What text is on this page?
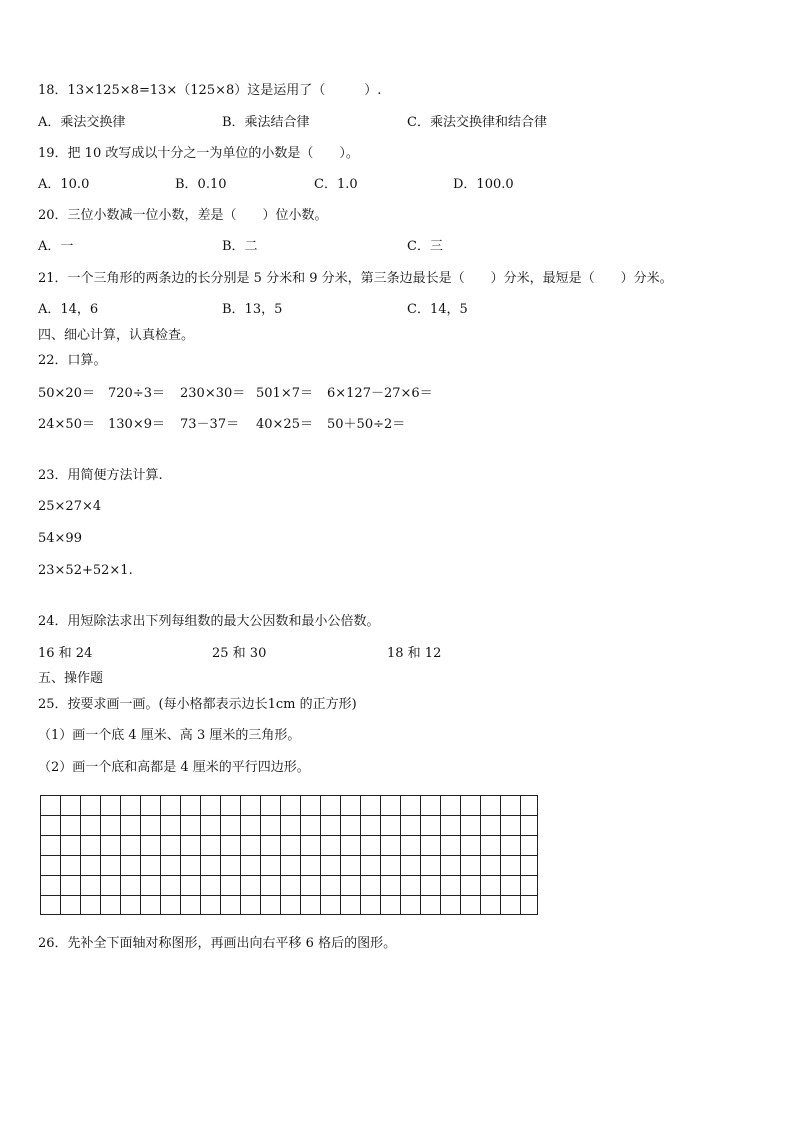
18．13×125×8=13×（125×8）这是运用了（　　　）.
A．乘法交换律	B．乘法结合律	C．乘法交换律和结合律
19．把 10 改写成以十分之一为单位的小数是（　　）。
A．10.0	B．0.10	C．1.0	D．100.0
20．三位小数减一位小数，差是（　　）位小数。
A．一	B．二	C．三
21．一个三角形的两条边的长分别是 5 分米和 9 分米，第三条边最长是（　　）分米，最短是（　　）分米。
A．14，6	B．13，5	C．14，5
四、细心计算，认真检查。
22．口算。
50×20＝ 720÷3＝ 230×30＝ 501×7＝ 6×127－27×6＝
24×50＝ 130×9＝ 73－37＝ 40×25＝ 50＋50÷2＝
23．用简便方法计算.
25×27×4
54×99
23×52+52×1.
24．用短除法求出下列每组数的最大公因数和最小公倍数。
16 和 24	25 和 30	18 和 12
五、操作题
25．按要求画一画。(每小格都表示边长1cm 的正方形)
（1）画一个底 4 厘米、高 3 厘米的三角形。
（2）画一个底和高都是 4 厘米的平行四边形。
26．先补全下面轴对称图形，再画出向右平移 6 格后的图形。
